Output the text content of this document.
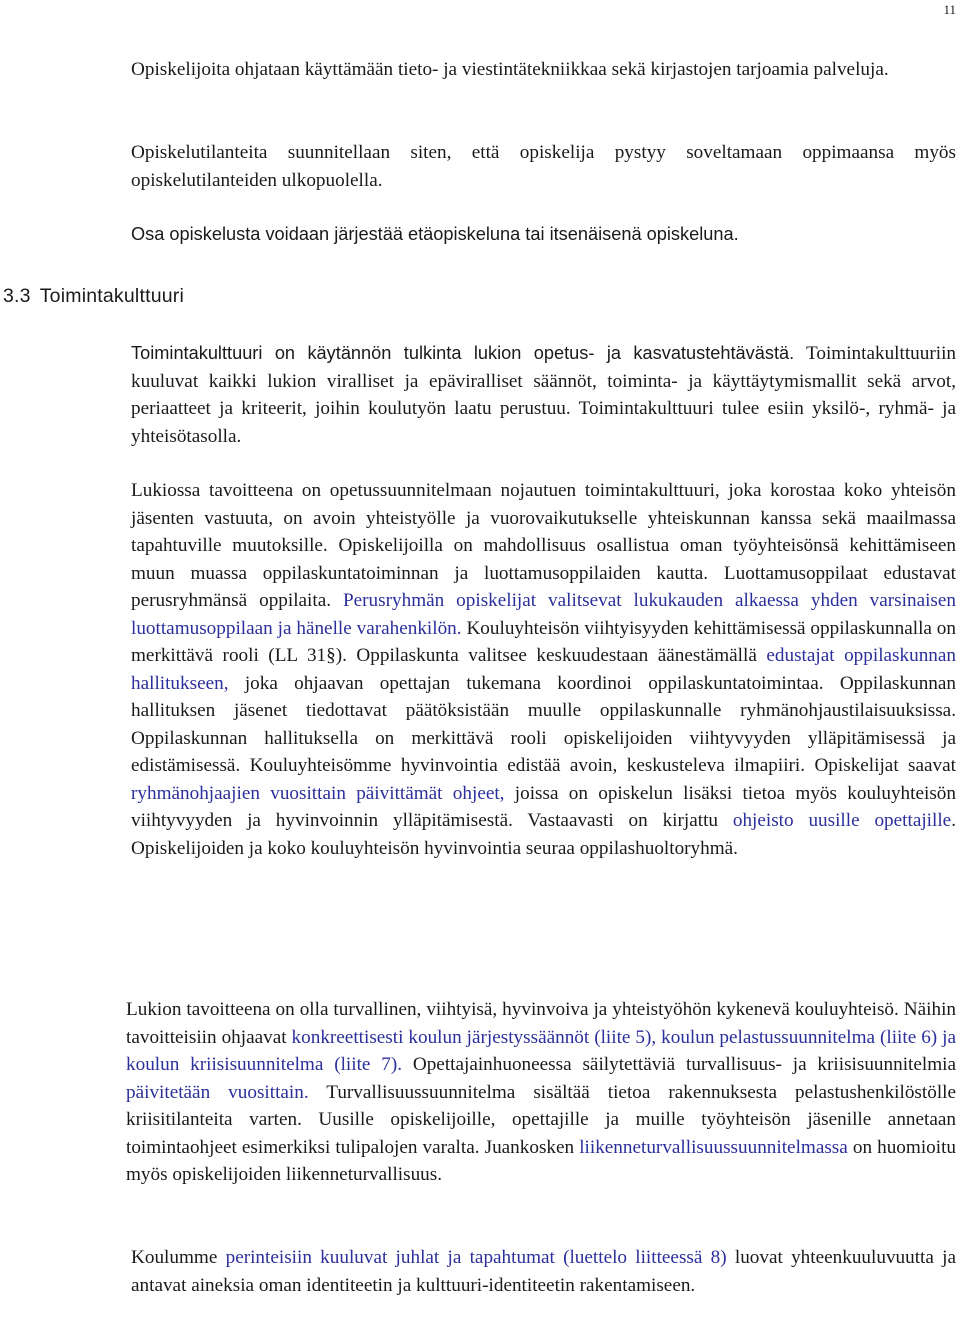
11

Opiskelijoita ohjataan käyttämään tieto- ja viestintätekniikkaa sekä kirjastojen tarjoamia palveluja.

Opiskelutilanteita suunnitellaan siten, että opiskelija pystyy soveltamaan oppimaansa myös opiskelutilanteiden ulkopuolella.

Osa opiskelusta voidaan järjestää etäopiskeluna tai itsenäisenä opiskeluna.

3.3 Toimintakulttuuri

Toimintakulttuuri on käytännön tulkinta lukion opetus- ja kasvatustehtävästä. Toimintakulttuuriin kuuluvat kaikki lukion viralliset ja epäviralliset säännöt, toiminta- ja käyttäytymismallit sekä arvot, periaatteet ja kriteerit, joihin koulutyön laatu perustuu. Toimintakulttuuri tulee esiin yksilö-, ryhmä- ja yhteisötasolla.

Lukiossa tavoitteena on opetussuunnitelmaan nojautuen toimintakulttuuri, joka korostaa koko yhteisön jäsenten vastuuta, on avoin yhteistyölle ja vuorovaikutukselle yhteiskunnan kanssa sekä maailmassa tapahtuville muutoksille. Opiskelijoilla on mahdollisuus osallistua oman työyhteisönsä kehittämiseen muun muassa oppilaskuntatoiminnan ja luottamusoppilaiden kautta. Luottamusoppilaat edustavat perusryhmänsä oppilaita. Perusryhmän opiskelijat valitsevat lukukauden alkaessa yhden varsinaisen luottamusoppilaan ja hänelle varahenkilön. Kouluyhteisön viihtyisyyden kehittämisessä oppilaskunnalla on merkittävä rooli (LL 31§). Oppilaskunta valitsee keskuudestaan äänestämällä edustajat oppilaskunnan hallitukseen, joka ohjaavan opettajan tukemana koordinoi oppilaskuntatoimintaa. Oppilaskunnan hallituksen jäsenet tiedottavat päätöksistään muulle oppilaskunnalle ryhmänohjaustilaisuuksissa. Oppilaskunnan hallituksella on merkittävä rooli opiskelijoiden viihtyvyyden ylläpitämisessä ja edistämisessä. Kouluyhteisömme hyvinvointia edistää avoin, keskusteleva ilmapiiri. Opiskelijat saavat ryhmänohjaajien vuosittain päivittämät ohjeet, joissa on opiskelun lisäksi tietoa myös kouluyhteisön viihtyvyyden ja hyvinvoinnin ylläpitämisestä. Vastaavasti on kirjattu ohjeisto uusille opettajille. Opiskelijoiden ja koko kouluyhteisön hyvinvointia seuraa oppilashuoltoryhmä.

Lukion tavoitteena on olla turvallinen, viihtyisä, hyvinvoiva ja yhteistyöhön kykenevä kouluyhteisö. Näihin tavoitteisiin ohjaavat konkreettisesti koulun järjestyssäännöt (liite 5), koulun pelastussuunnitelma (liite 6) ja koulun kriisisuunnitelma (liite 7). Opettajainhuoneessa säilytettäviä turvallisuus- ja kriisisuunnitelmia päivitetään vuosittain. Turvallisuussuunnitelma sisältää tietoa rakennuksesta pelastushenkilöstölle kriisitilanteita varten. Uusille opiskelijoille, opettajille ja muille työyhteisön jäsenille annetaan toimintaohjeet esimerkiksi tulipalojen varalta. Juankosken liikenneturvallisuussuunnitelmassa on huomioitu myös opiskelijoiden liikenneturvallisuus.

Koulumme perinteisiin kuuluvat juhlat ja tapahtumat (luettelo liitteessä 8) luovat yhteenkuuluvuutta ja antavat aineksia oman identiteetin ja kulttuuri-identiteetin rakentamiseen.
